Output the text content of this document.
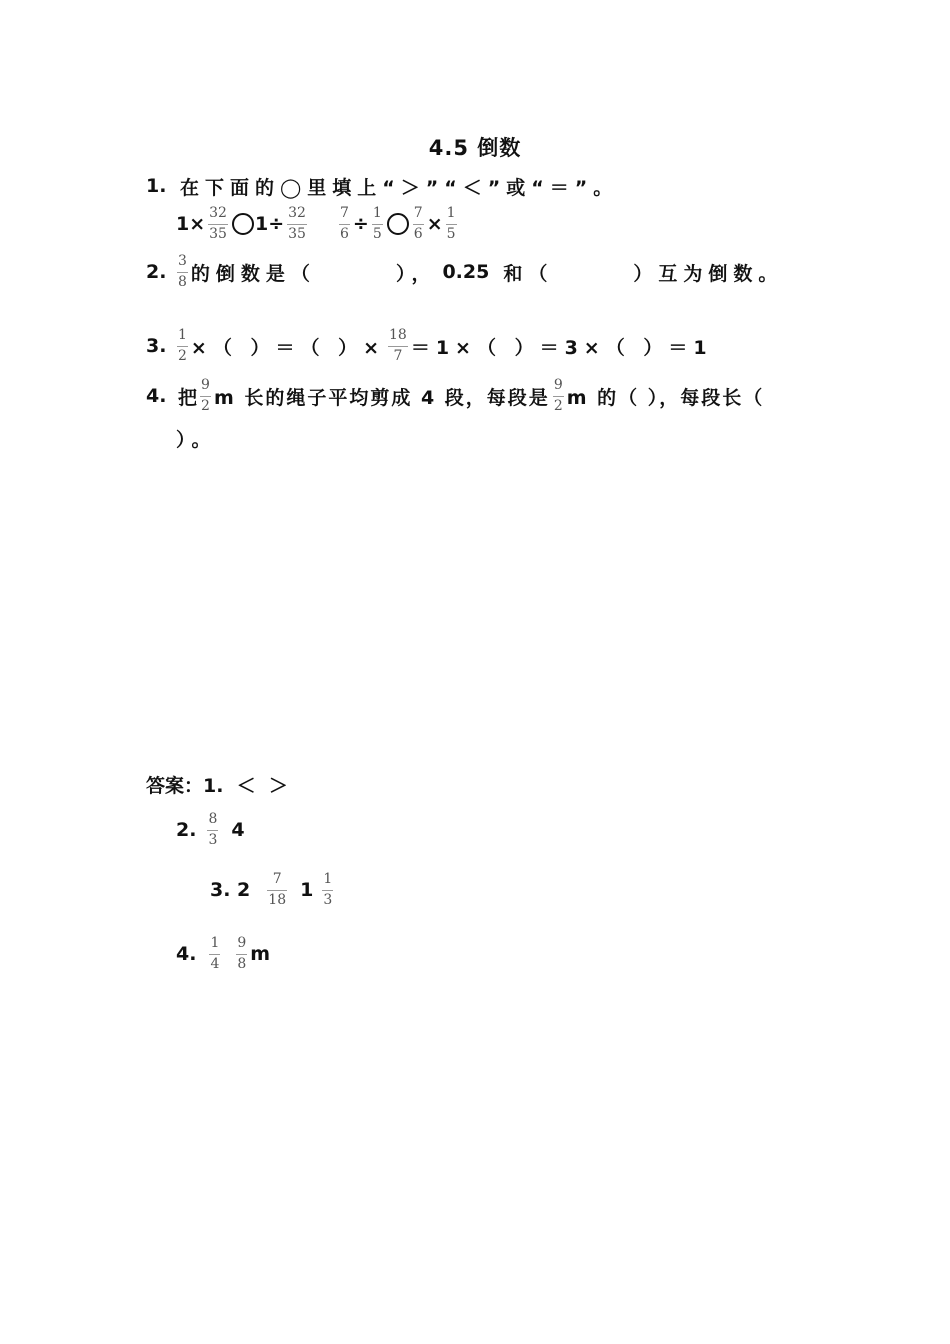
4.5 倒数
1. 在下面的◯里填上“＞”“＜”或“＝”。
$1\times \frac{32}{35} 1\div \frac{32}{35} \frac{7}{6} \div \frac{1}{5} \frac{7}{6} \times \frac{1}{5}$
2. $\frac{3}{8}$ 的倒数是（	）， 0.25 和（	）互为倒数。
3. $\frac{1}{2}$ ×（ ）＝（ ）× $\frac{18}{7} =1\times$（ ）＝3×（ ）＝1
4. 把 $\frac{9}{2}$ m 长的绳子平均剪成 4 段，每段是 $\frac{9}{2}$ m 的（ ），每段长（
）。
答案： 1.  ＜  ＞
2. $\frac{8}{3} 4$
3. $2 \frac{7}{18} 1 \frac{1}{3}$
4. $\frac{1}{4} \frac{9}{8}$ m
